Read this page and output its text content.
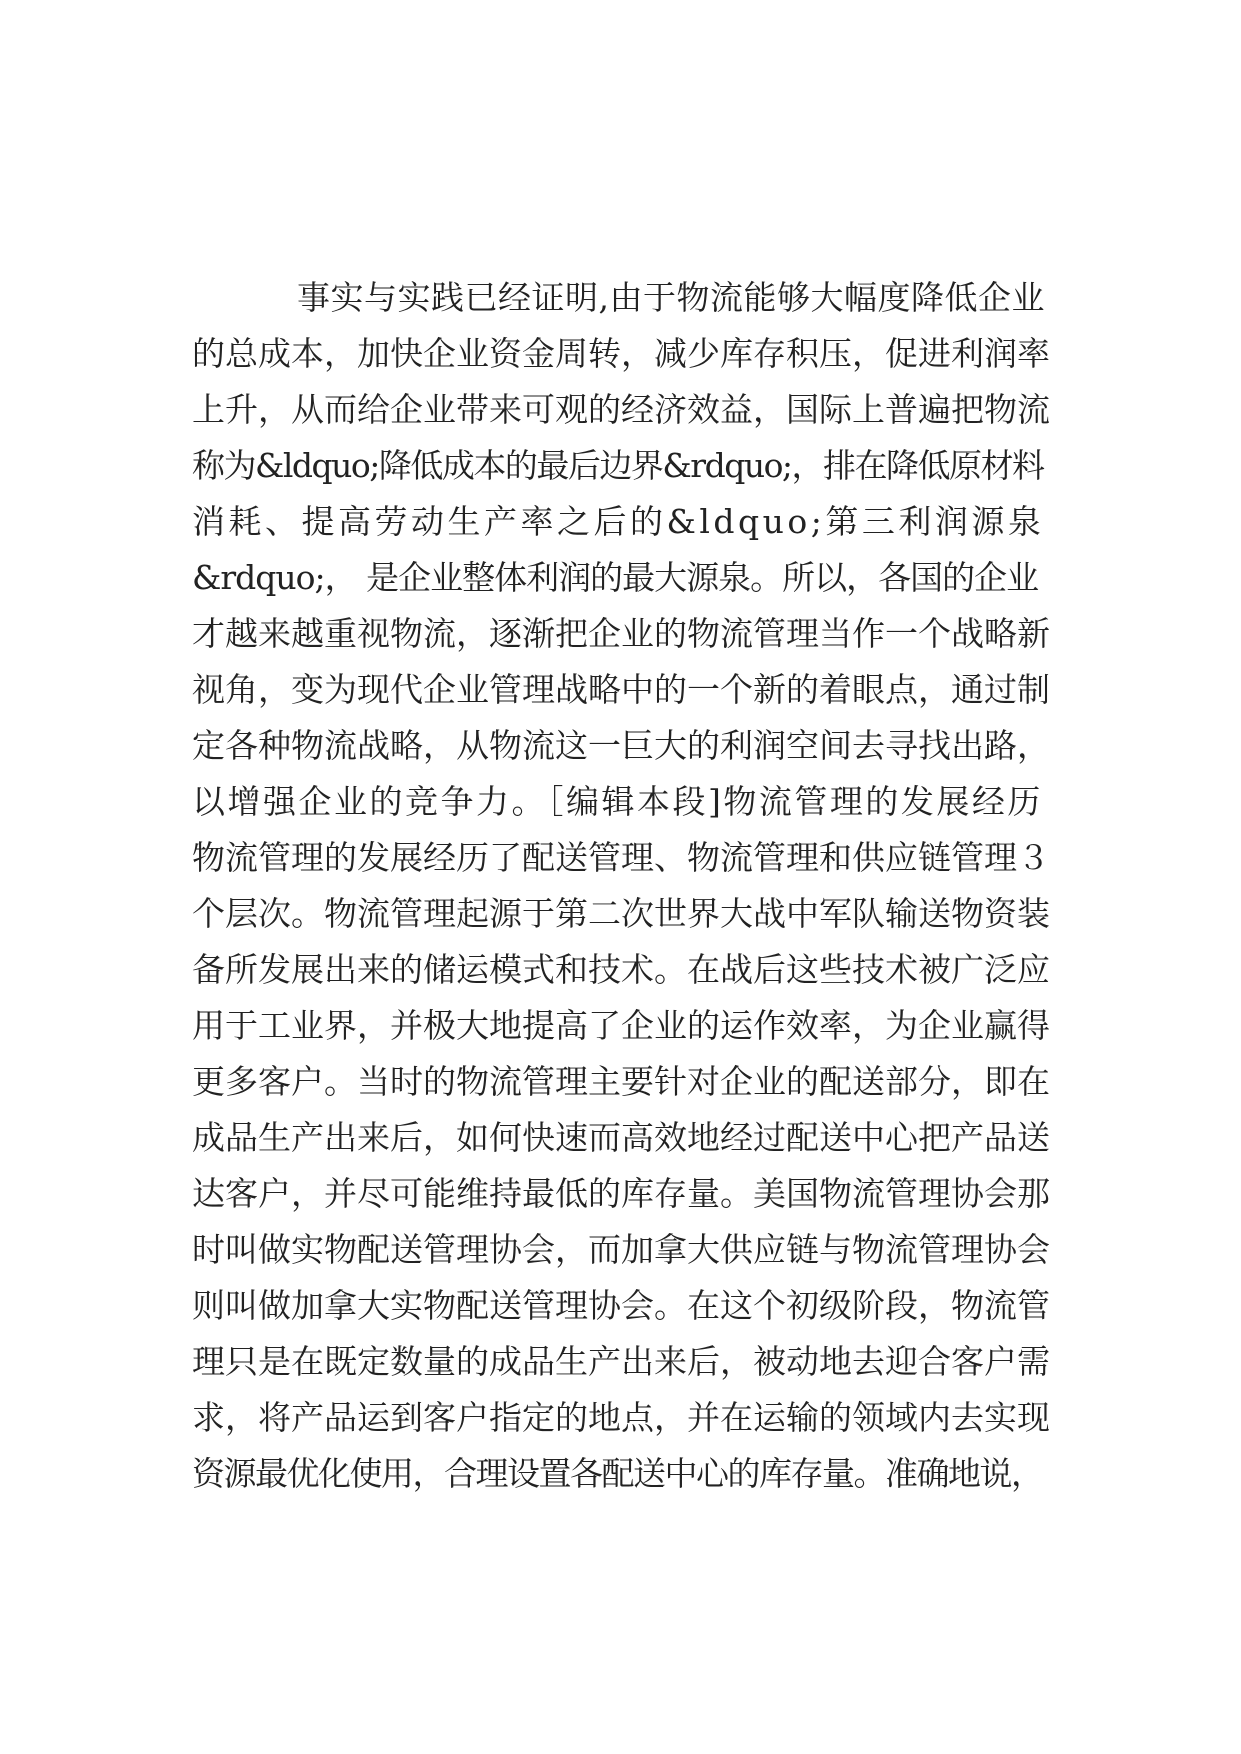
事实与实践已经证明,由于物流能够大幅度降低企业
的总成本，加快企业资金周转，减少库存积压，促进利润率
上升，从而给企业带来可观的经济效益，国际上普遍把物流
称为&ldquo;降低成本的最后边界&rdquo;，排在降低原材料
消耗、提高劳动生产率之后的&ldquo;第三利润源泉
&rdquo;， 是企业整体利润的最大源泉。所以，各国的企业
才越来越重视物流，逐渐把企业的物流管理当作一个战略新
视角，变为现代企业管理战略中的一个新的着眼点，通过制
定各种物流战略，从物流这一巨大的利润空间去寻找出路，
以增强企业的竞争力。［编辑本段]物流管理的发展经历
物流管理的发展经历了配送管理、物流管理和供应链管理３
个层次。物流管理起源于第二次世界大战中军队输送物资装
备所发展出来的储运模式和技术。在战后这些技术被广泛应
用于工业界，并极大地提高了企业的运作效率，为企业赢得
更多客户。当时的物流管理主要针对企业的配送部分，即在
成品生产出来后，如何快速而高效地经过配送中心把产品送
达客户，并尽可能维持最低的库存量。美国物流管理协会那
时叫做实物配送管理协会，而加拿大供应链与物流管理协会
则叫做加拿大实物配送管理协会。在这个初级阶段，物流管
理只是在既定数量的成品生产出来后，被动地去迎合客户需
求，将产品运到客户指定的地点，并在运输的领域内去实现
资源最优化使用，合理设置各配送中心的库存量。准确地说，
